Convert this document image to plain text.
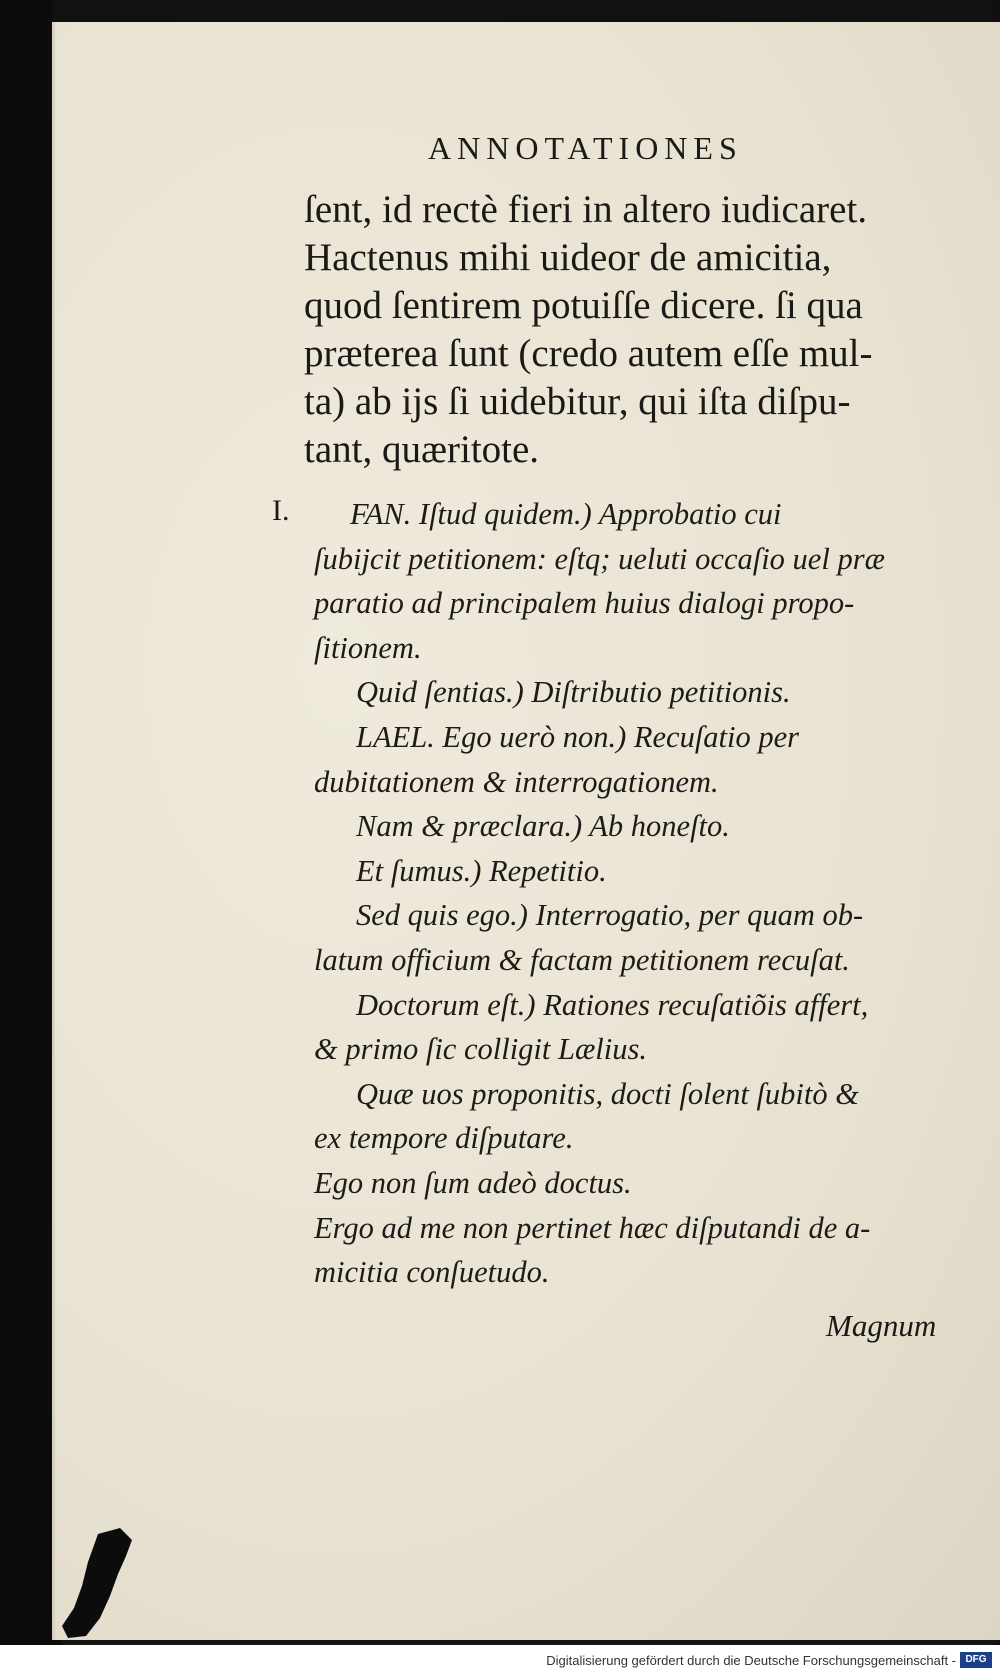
ANNOTATIONES
ſent, id rectè fieri in altero iudicaret.
Hactenus mihi uideor de amicitia,
quod ſentirem potuiſſe dicere. ſi qua
præterea ſunt (credo autem eſſe mul-
ta) ab ijs ſi uidebitur, qui iſta diſpu-
tant, quæritote.
I.	FAN. Iſtud quidem.) Approbatio cui
ſubijcit petitionem: eſtq; ueluti occaſio uel præ
paratio ad principalem huius dialogi propo-
ſitionem.
Quid ſentias.) Diſtributio petitionis.
LAEL. Ego uerò non.) Recuſatio per
dubitationem & interrogationem.
Nam & præclara.) Ab honeſto.
Et ſumus.) Repetitio.
Sed quis ego.) Interrogatio, per quam ob-
latum officium & factam petitionem recuſat.
Doctorum eſt.) Rationes recuſatiõis affert,
& primo ſic colligit Lælius.
Quæ uos proponitis, docti ſolent ſubitò &
ex tempore diſputare.
Ego non ſum adeò doctus.
Ergo ad me non pertinet hæc diſputandi de a-
micitia conſuetudo.
Magnum
Digitalisierung gefördert durch die Deutsche Forschungsgemeinschaft - DFG
